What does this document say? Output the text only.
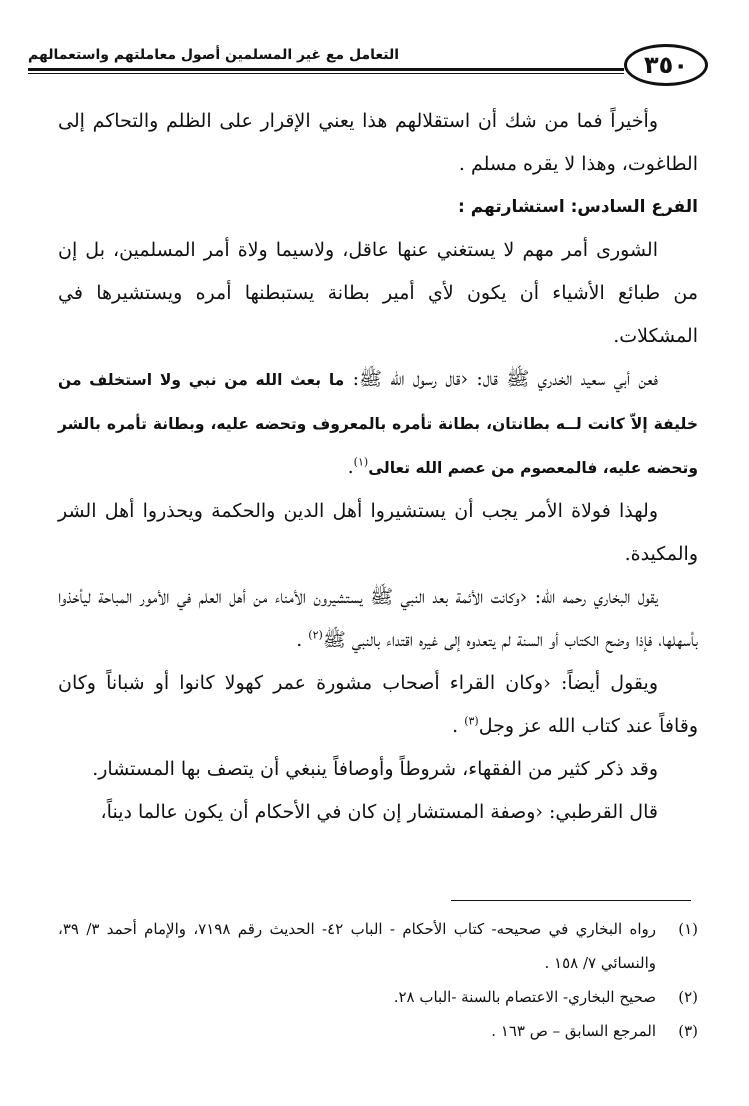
التعامل مع غير المسلمين أصول معاملتهم واستعمالهم	٣٥٠

وأخيراً فما من شك أن استقلالهم هذا يعني الإقرار على الظلم والتحاكم إلى الطاغوت، وهذا لا يقره مسلم .

الفرع السادس: استشارتهم :

الشورى أمر مهم لا يستغني عنها عاقل، ولاسيما ولاة أمر المسلمين، بل إن من طبائع الأشياء أن يكون لأي أمير بطانة يستبطنها أمره ويستشيرها في المشكلات.

فعن أبي سعيد الخدري ﷺ قال: ‹قال رسول الله ﷺ: ما بعث الله من نبي ولا استخلف من خليفة إلاّ كانت لــه بطانتان، بطانة تأمره بالمعروف وتحضه عليه، وبطانة تأمره بالشر وتحضه عليه، فالمعصوم من عصم الله تعالى$^{(١)}$.

ولهذا فولاة الأمر يجب أن يستشيروا أهل الدين والحكمة ويحذروا أهل الشر والمكيدة.

يقول البخاري رحمه الله: ‹وكانت الأئمة بعد النبي ﷺ يستشيرون الأمناء من أهل العلم في الأمور المباحة ليأخذوا بأسهلها، فإذا وضح الكتاب أو السنة لم يتعدوه إلى غيره اقتداء بالنبي ﷺ$^{(٢)}$ .

ويقول أيضاً: ‹وكان القراء أصحاب مشورة عمر كهولا كانوا أو شباناً وكان وقافاً عند كتاب الله عز وجل$^{(٣)}$ .

وقد ذكر كثير من الفقهاء، شروطاً وأوصافاً ينبغي أن يتصف بها المستشار.

قال القرطبي: ‹وصفة المستشار إن كان في الأحكام أن يكون عالما ديناً،

(١)
رواه البخاري في صحيحه- كتاب الأحكام - الباب ٤٢- الحديث رقم ٧١٩٨، والإمام أحمد ٣/ ٣٩، والنسائي ٧/ ١٥٨ .
(٢)
صحيح البخاري- الاعتصام بالسنة -الباب ٢٨.
(٣)
المرجع السابق – ص ١٦٣ .
